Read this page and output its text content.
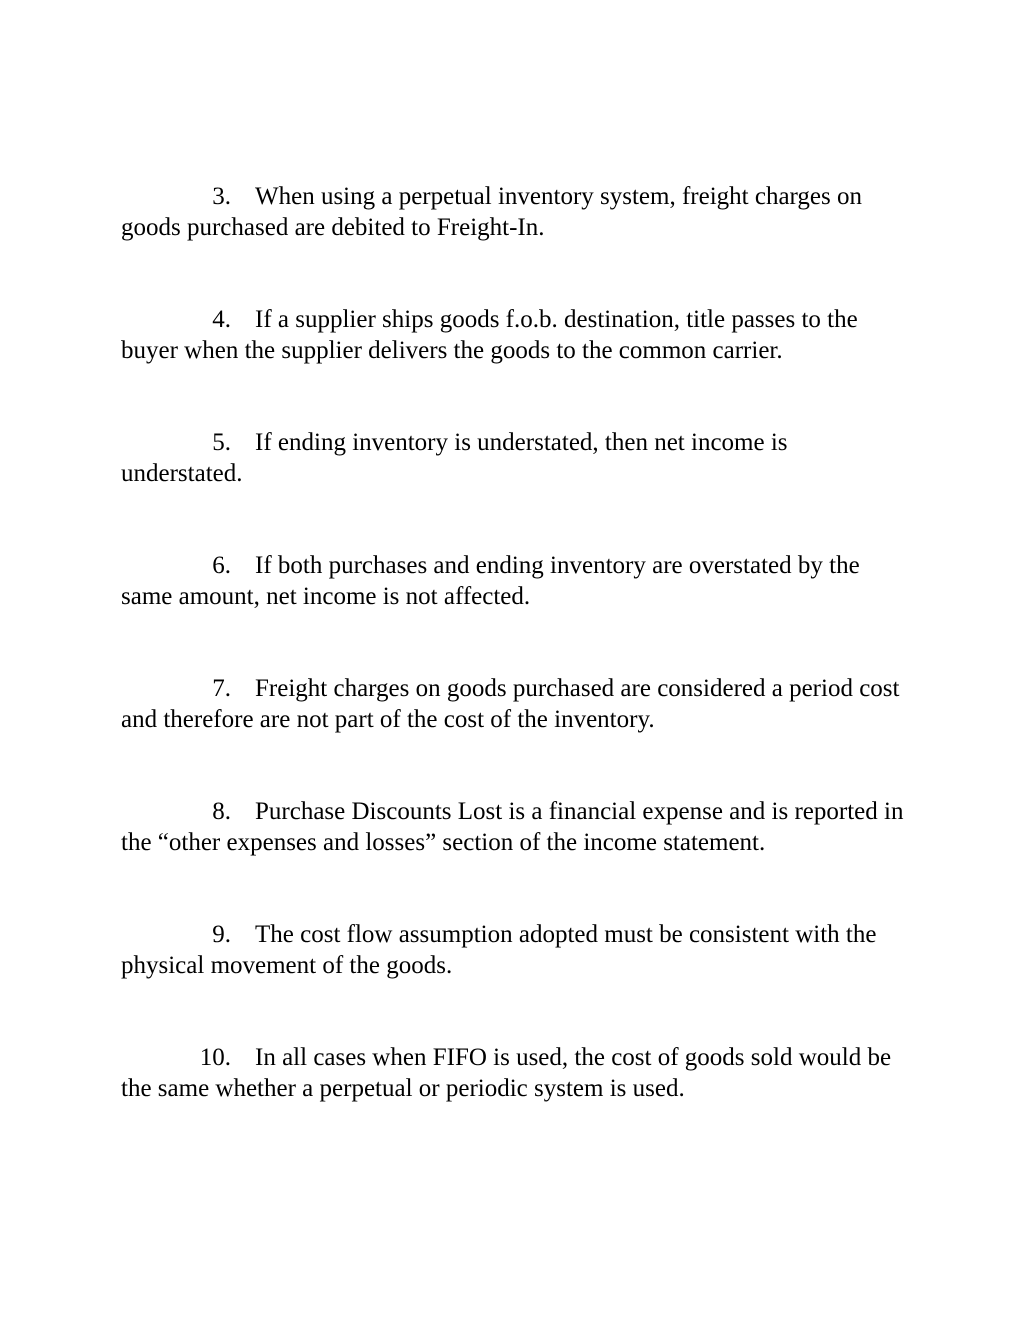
3. When using a perpetual inventory system, freight charges on goods purchased are debited to Freight-In.

4. If a supplier ships goods f.o.b. destination, title passes to the buyer when the supplier delivers the goods to the common carrier.

5. If ending inventory is understated, then net income is understated.

6. If both purchases and ending inventory are overstated by the same amount, net income is not affected.

7. Freight charges on goods purchased are considered a period cost and therefore are not part of the cost of the inventory.

8. Purchase Discounts Lost is a financial expense and is reported in the “other expenses and losses” section of the income statement.

9. The cost flow assumption adopted must be consistent with the physical movement of the goods.

10. In all cases when FIFO is used, the cost of goods sold would be the same whether a perpetual or periodic system is used.
